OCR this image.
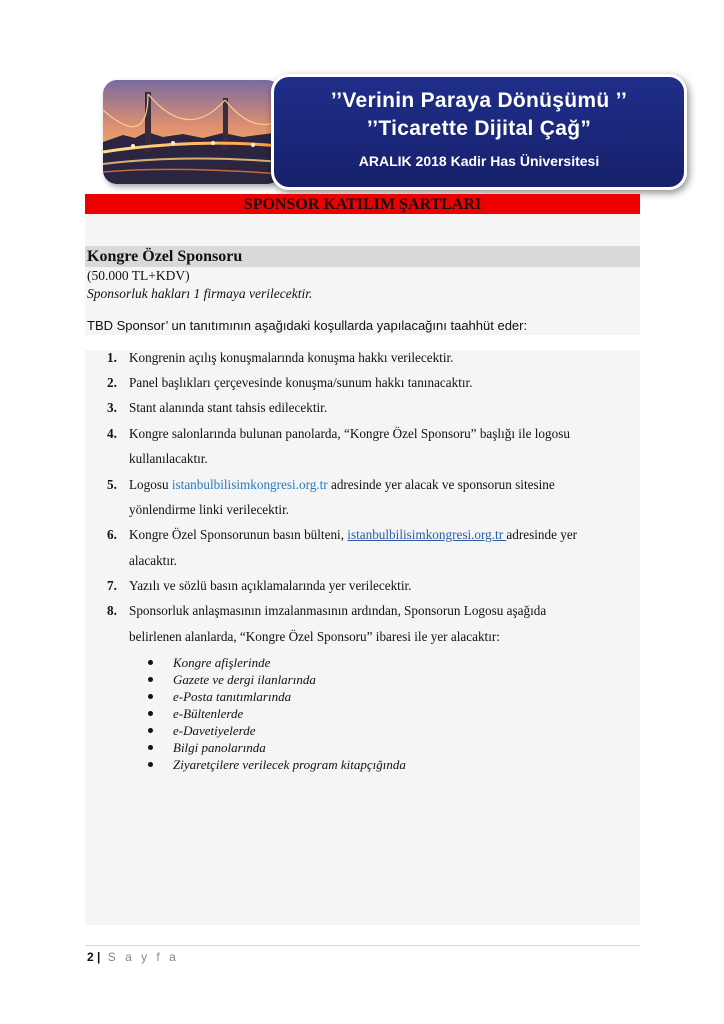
’’Verinin Paraya Dönüşümü ’’
’’Ticarette Dijital Çağ”
ARALIK 2018 Kadir Has Üniversitesi
SPONSOR KATILIM ŞARTLARI
Kongre Özel Sponsoru
(50.000 TL+KDV)
Sponsorluk hakları 1 firmaya verilecektir.
TBD Sponsor’ un tanıtımının aşağıdaki koşullarda yapılacağını taahhüt eder:
1. Kongrenin açılış konuşmalarında konuşma hakkı verilecektir.
2. Panel başlıkları çerçevesinde konuşma/sunum hakkı tanınacaktır.
3. Stant alanında stant tahsis edilecektir.
4. Kongre salonlarında bulunan panolarda, “Kongre Özel Sponsoru” başlığı ile logosu
kullanılacaktır.
5. Logosu istanbulbilisimkongresi.org.tr adresinde yer alacak ve sponsorun sitesine
yönlendirme linki verilecektir.
6. Kongre Özel Sponsorunun basın bülteni, istanbulbilisimkongresi.org.tr adresinde yer
alacaktır.
7. Yazılı ve sözlü basın açıklamalarında yer verilecektir.
8. Sponsorluk anlaşmasının imzalanmasının ardından, Sponsorun Logosu aşağıda
belirlenen alanlarda, “Kongre Özel Sponsoru” ibaresi ile yer alacaktır:
Kongre afişlerinde
Gazete ve dergi ilanlarında
e-Posta tanıtımlarında
e-Bültenlerde
e-Davetiyelerde
Bilgi panolarında
Ziyaretçilere verilecek program kitapçığında
2 | S a y f a
